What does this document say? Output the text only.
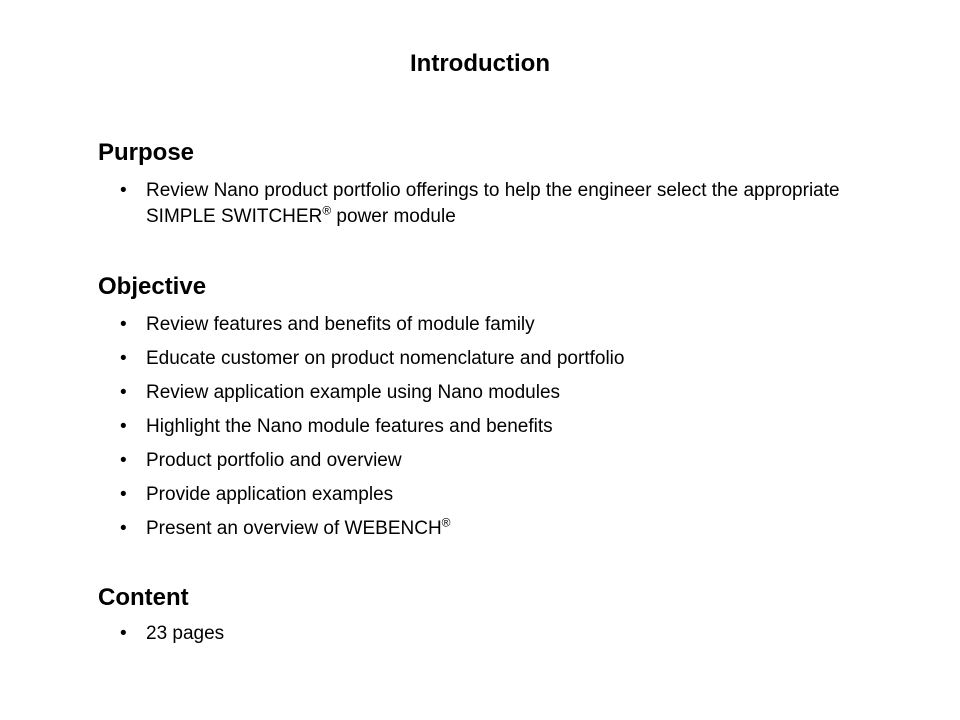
Introduction
Purpose
• Review Nano product portfolio offerings to help the engineer select the appropriate SIMPLE SWITCHER® power module
Objective
• Review features and benefits of module family
• Educate customer on product nomenclature and portfolio
• Review application example using Nano modules
• Highlight the Nano module features and benefits
• Product portfolio and overview
• Provide application examples
• Present an overview of WEBENCH®
Content
• 23 pages
